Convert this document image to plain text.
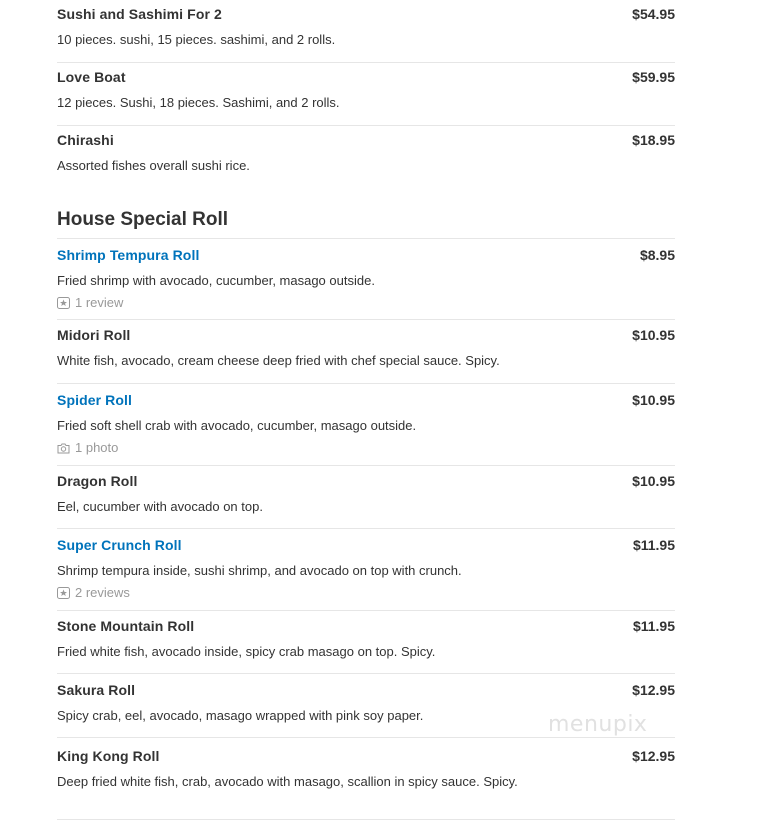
Sushi and Sashimi For 2	$54.95
10 pieces. sushi, 15 pieces. sashimi, and 2 rolls.
Love Boat	$59.95
12 pieces. Sushi, 18 pieces. Sashimi, and 2 rolls.
Chirashi	$18.95
Assorted fishes overall sushi rice.
House Special Roll
Shrimp Tempura Roll	$8.95
Fried shrimp with avocado, cucumber, masago outside.
1 review
Midori Roll	$10.95
White fish, avocado, cream cheese deep fried with chef special sauce. Spicy.
Spider Roll	$10.95
Fried soft shell crab with avocado, cucumber, masago outside.
1 photo
Dragon Roll	$10.95
Eel, cucumber with avocado on top.
Super Crunch Roll	$11.95
Shrimp tempura inside, sushi shrimp, and avocado on top with crunch.
2 reviews
Stone Mountain Roll	$11.95
Fried white fish, avocado inside, spicy crab masago on top. Spicy.
Sakura Roll	$12.95
Spicy crab, eel, avocado, masago wrapped with pink soy paper.
King Kong Roll	$12.95
Deep fried white fish, crab, avocado with masago, scallion in spicy sauce. Spicy.
menupix
